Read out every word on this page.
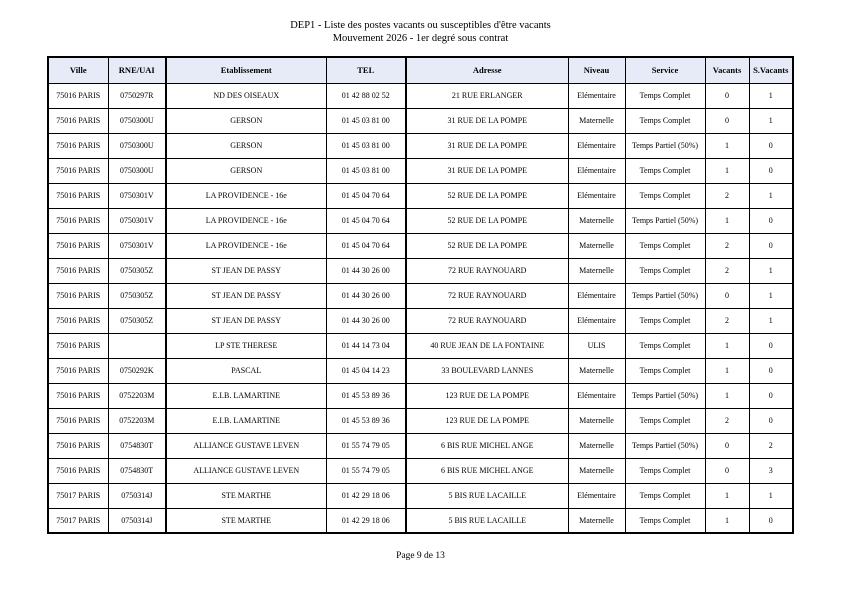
DEP1 - Liste des postes vacants ou susceptibles d'être vacants
Mouvement 2026 - 1er degré sous contrat
Ville	RNE/UAI	Etablissement	TEL	Adresse	Niveau	Service	Vacants	S.Vacants
75016 PARIS	0750297R	ND DES OISEAUX	01 42 88 02 52	21 RUE ERLANGER	Elémentaire	Temps Complet	0	1
75016 PARIS	0750300U	GERSON	01 45 03 81 00	31 RUE DE LA POMPE	Maternelle	Temps Complet	0	1
75016 PARIS	0750300U	GERSON	01 45 03 81 00	31 RUE DE LA POMPE	Elémentaire	Temps Partiel (50%)	1	0
75016 PARIS	0750300U	GERSON	01 45 03 81 00	31 RUE DE LA POMPE	Elémentaire	Temps Complet	1	0
75016 PARIS	0750301V	LA PROVIDENCE - 16e	01 45 04 70 64	52 RUE DE LA POMPE	Elémentaire	Temps Complet	2	1
75016 PARIS	0750301V	LA PROVIDENCE - 16e	01 45 04 70 64	52 RUE DE LA POMPE	Maternelle	Temps Partiel (50%)	1	0
75016 PARIS	0750301V	LA PROVIDENCE - 16e	01 45 04 70 64	52 RUE DE LA POMPE	Maternelle	Temps Complet	2	0
75016 PARIS	0750305Z	ST JEAN DE PASSY	01 44 30 26 00	72 RUE RAYNOUARD	Maternelle	Temps Complet	2	1
75016 PARIS	0750305Z	ST JEAN DE PASSY	01 44 30 26 00	72 RUE RAYNOUARD	Elémentaire	Temps Partiel (50%)	0	1
75016 PARIS	0750305Z	ST JEAN DE PASSY	01 44 30 26 00	72 RUE RAYNOUARD	Elémentaire	Temps Complet	2	1
75016 PARIS		LP STE THERESE	01 44 14 73 04	40 RUE JEAN DE LA FONTAINE	ULIS	Temps Complet	1	0
75016 PARIS	0750292K	PASCAL	01 45 04 14 23	33 BOULEVARD LANNES	Maternelle	Temps Complet	1	0
75016 PARIS	0752203M	E.I.B. LAMARTINE	01 45 53 89 36	123 RUE DE LA POMPE	Elémentaire	Temps Partiel (50%)	1	0
75016 PARIS	0752203M	E.I.B. LAMARTINE	01 45 53 89 36	123 RUE DE LA POMPE	Maternelle	Temps Complet	2	0
75016 PARIS	0754830T	ALLIANCE GUSTAVE LEVEN	01 55 74 79 05	6 BIS RUE MICHEL ANGE	Maternelle	Temps Partiel (50%)	0	2
75016 PARIS	0754830T	ALLIANCE GUSTAVE LEVEN	01 55 74 79 05	6 BIS RUE MICHEL ANGE	Maternelle	Temps Complet	0	3
75017 PARIS	0750314J	STE MARTHE	01 42 29 18 06	5 BIS RUE LACAILLE	Elémentaire	Temps Complet	1	1
75017 PARIS	0750314J	STE MARTHE	01 42 29 18 06	5 BIS RUE LACAILLE	Maternelle	Temps Complet	1	0
Page 9 de 13
